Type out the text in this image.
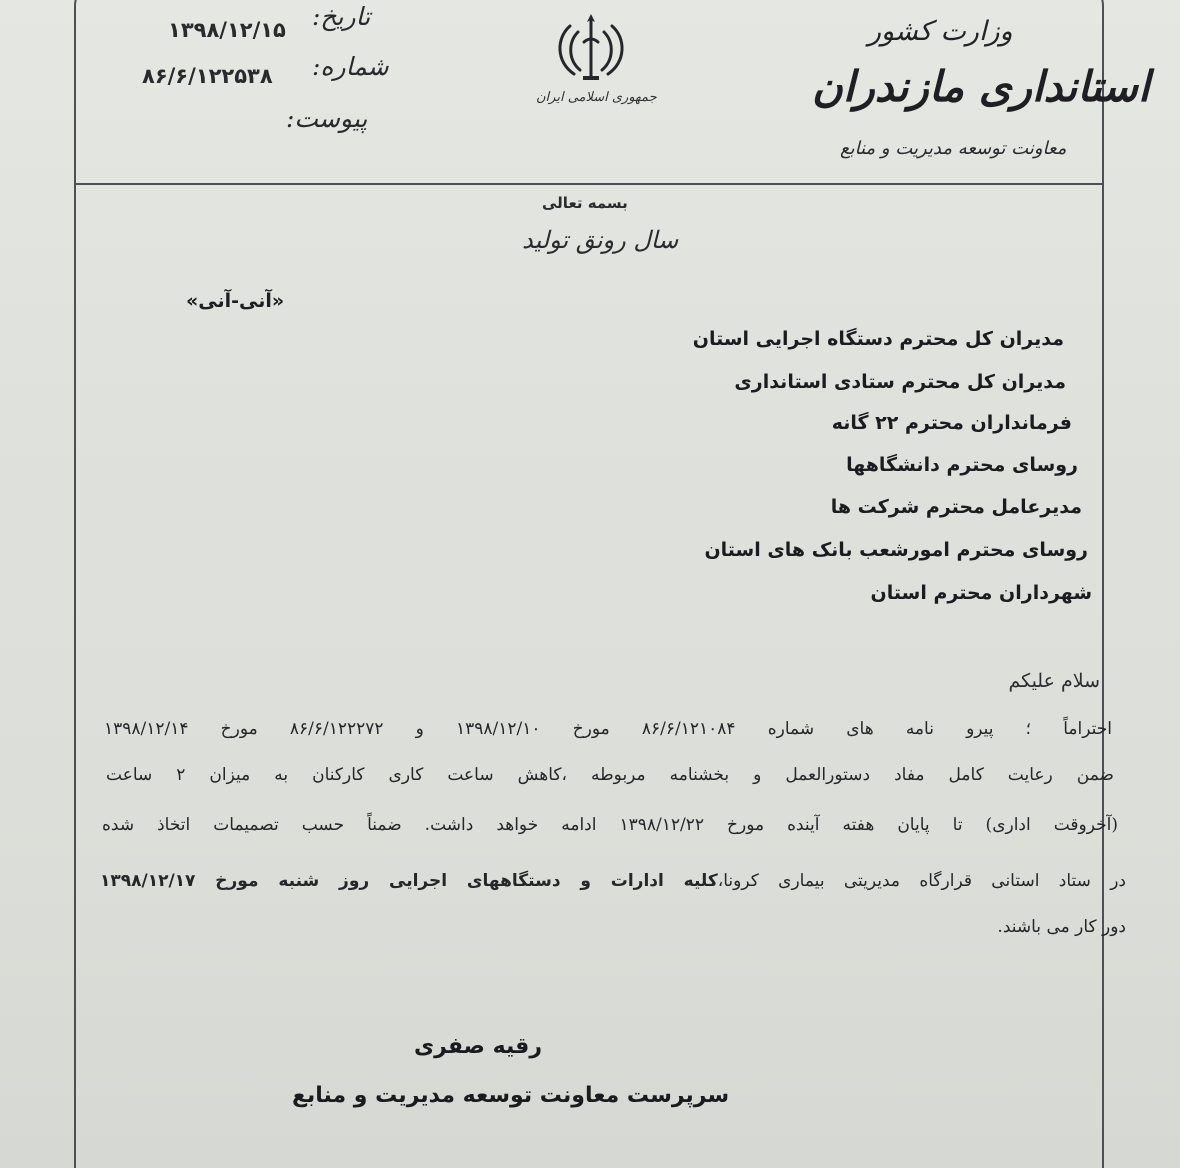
تاریخ:
۱۳۹۸/۱۲/۱۵
شماره:
۸۶/۶/۱۲۲۵۳۸
پیوست:
جمهوری اسلامی ایران
وزارت کشور
استانداری مازندران
معاونت توسعه مدیریت و منابع
بسمه تعالی
سال رونق تولید
«آنی-آنی»
مدیران کل محترم دستگاه اجرایی استان
مدیران کل محترم ستادی استانداری
فرمانداران محترم ۲۲ گانه
روسای محترم دانشگاهها
مدیرعامل محترم شرکت ها
روسای محترم امورشعب بانک های استان
شهرداران محترم استان
سلام علیکم
احتراماً ؛ پیرو نامه های شماره ۸۶/۶/۱۲۱۰۸۴ مورخ ۱۳۹۸/۱۲/۱۰ و ۸۶/۶/۱۲۲۲۷۲ مورخ ۱۳۹۸/۱۲/۱۴
ضمن رعایت کامل مفاد دستورالعمل و بخشنامه مربوطه ،کاهش ساعت کاری کارکنان به میزان ۲ ساعت
(آخروقت اداری) تا پایان هفته آینده مورخ ۱۳۹۸/۱۲/۲۲ ادامه خواهد داشت. ضمناً حسب تصمیمات اتخاذ شده
در ستاد استانی قرارگاه مدیریتی بیماری کرونا،کلیه ادارات و دستگاههای اجرایی روز شنبه مورخ ۱۳۹۸/۱۲/۱۷
دور کار می باشند.
رقیه صفری
سرپرست معاونت توسعه مدیریت و منابع
